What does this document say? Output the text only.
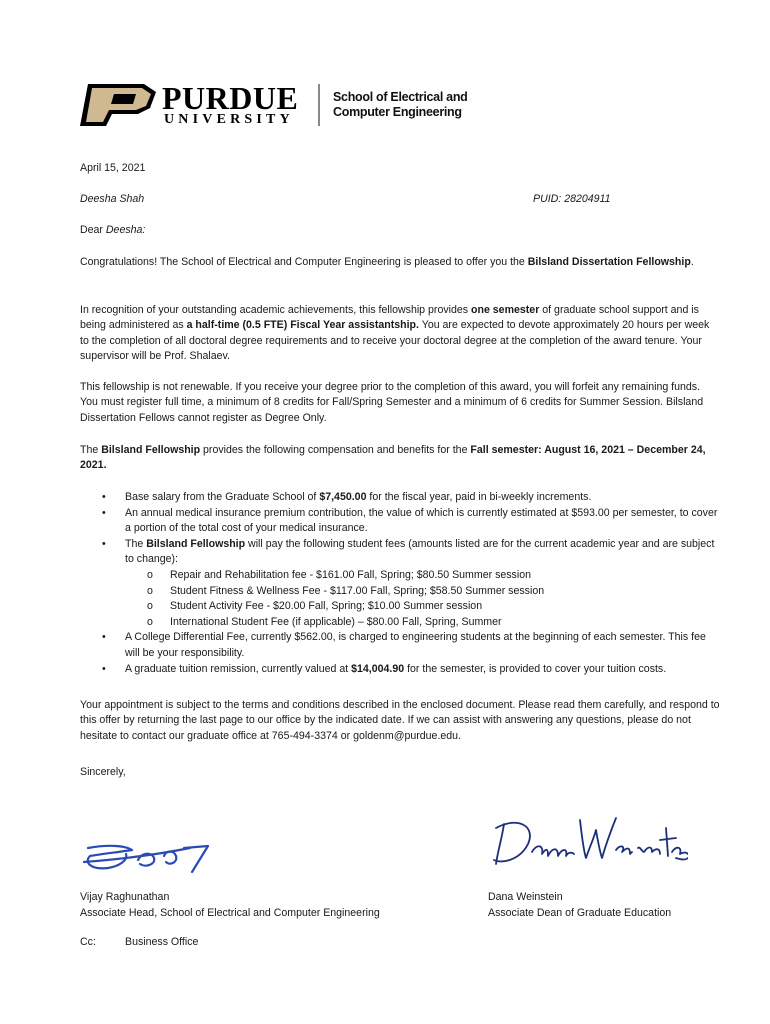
PURDUE
UNIVERSITY
School of Electrical and
Computer Engineering
April 15, 2021
Deesha Shah	PUID: 28204911
Dear Deesha:
Congratulations! The School of Electrical and Computer Engineering is pleased to offer you the Bilsland Dissertation Fellowship.
In recognition of your outstanding academic achievements, this fellowship provides one semester of graduate school support and is being administered as a half-time (0.5 FTE) Fiscal Year assistantship. You are expected to devote approximately 20 hours per week to the completion of all doctoral degree requirements and to receive your doctoral degree at the completion of the award tenure. Your supervisor will be Prof. Shalaev.
This fellowship is not renewable. If you receive your degree prior to the completion of this award, you will forfeit any remaining funds. You must register full time, a minimum of 8 credits for Fall/Spring Semester and a minimum of 6 credits for Summer Session. Bilsland Dissertation Fellows cannot register as Degree Only.
The Bilsland Fellowship provides the following compensation and benefits for the Fall semester: August 16, 2021 – December 24, 2021.
• Base salary from the Graduate School of $7,450.00 for the fiscal year, paid in bi-weekly increments.
• An annual medical insurance premium contribution, the value of which is currently estimated at $593.00 per semester, to cover a portion of the total cost of your medical insurance.
• The Bilsland Fellowship will pay the following student fees (amounts listed are for the current academic year and are subject to change):
o Repair and Rehabilitation fee - $161.00 Fall, Spring; $80.50 Summer session
o Student Fitness & Wellness Fee - $117.00 Fall, Spring; $58.50 Summer session
o Student Activity Fee - $20.00 Fall, Spring; $10.00 Summer session
o International Student Fee (if applicable) – $80.00 Fall, Spring, Summer
• A College Differential Fee, currently $562.00, is charged to engineering students at the beginning of each semester. This fee will be your responsibility.
• A graduate tuition remission, currently valued at $14,004.90 for the semester, is provided to cover your tuition costs.
Your appointment is subject to the terms and conditions described in the enclosed document. Please read them carefully, and respond to this offer by returning the last page to our office by the indicated date. If we can assist with answering any questions, please do not hesitate to contact our graduate office at 765-494-3374 or goldenm@purdue.edu.
Sincerely,
Vijay Raghunathan
Associate Head, School of Electrical and Computer Engineering
Dana Weinstein
Associate Dean of Graduate Education
Cc:	Business Office
